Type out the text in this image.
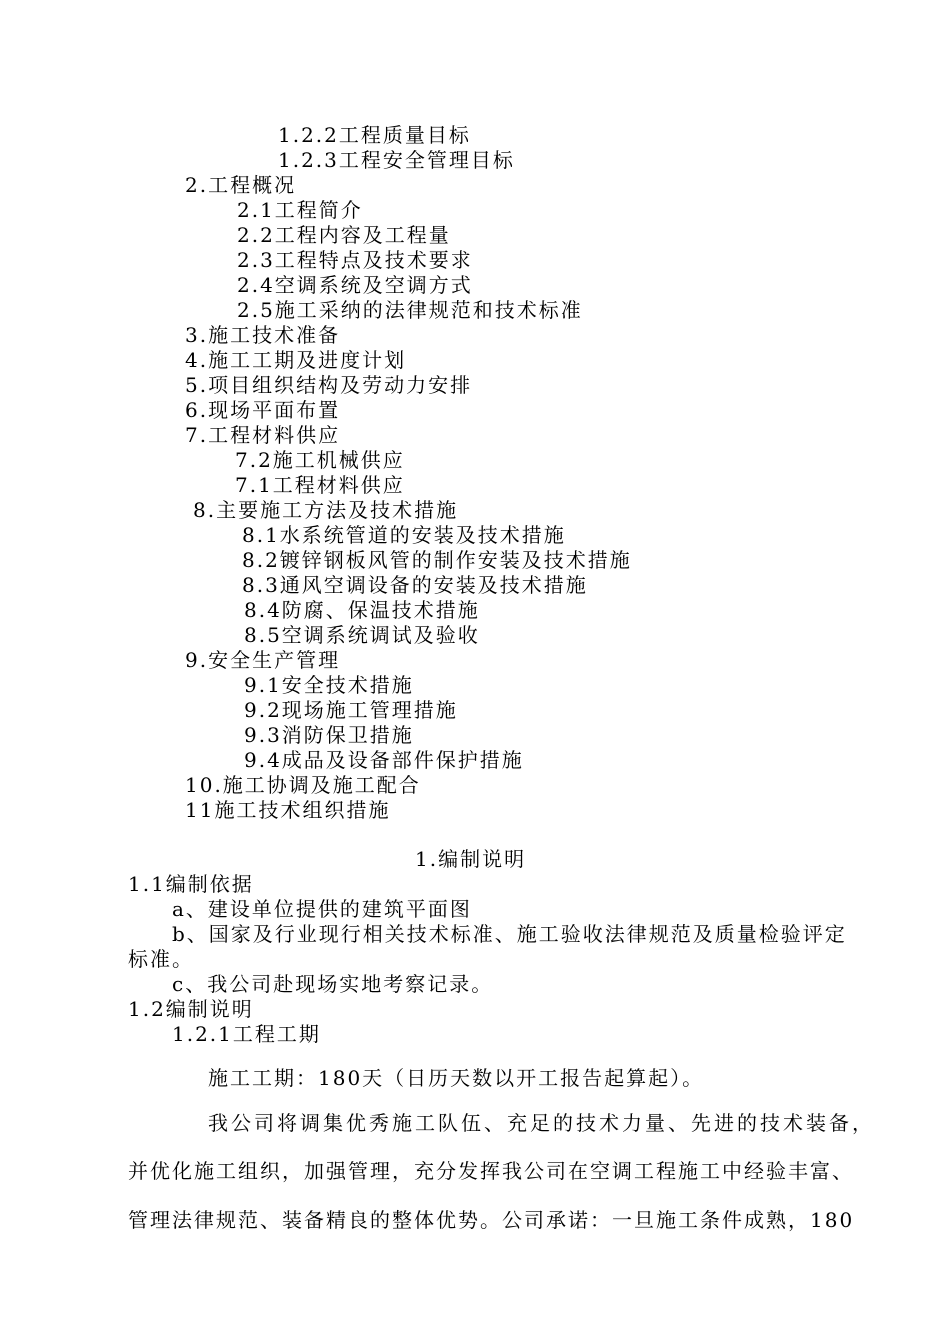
1.2.2工程质量目标
1.2.3工程安全管理目标
2.工程概况
2.1工程简介
2.2工程内容及工程量
2.3工程特点及技术要求
2.4空调系统及空调方式
2.5施工采纳的法律规范和技术标准
3.施工技术准备
4.施工工期及进度计划
5.项目组织结构及劳动力安排
6.现场平面布置
7.工程材料供应
7.2施工机械供应
7.1工程材料供应
8.主要施工方法及技术措施
8.1水系统管道的安装及技术措施
8.2镀锌钢板风管的制作安装及技术措施
8.3通风空调设备的安装及技术措施
8.4防腐、保温技术措施
8.5空调系统调试及验收
9.安全生产管理
9.1安全技术措施
9.2现场施工管理措施
9.3消防保卫措施
9.4成品及设备部件保护措施
10.施工协调及施工配合
11施工技术组织措施
1.编制说明
1.1编制依据
a、建设单位提供的建筑平面图
b、国家及行业现行相关技术标准、施工验收法律规范及质量检验评定
标准。
c、我公司赴现场实地考察记录。
1.2编制说明
1.2.1工程工期
施工工期：180天（日历天数以开工报告起算起）。
我公司将调集优秀施工队伍、充足的技术力量、先进的技术装备，
并优化施工组织，加强管理，充分发挥我公司在空调工程施工中经验丰富、
管理法律规范、装备精良的整体优势。公司承诺：一旦施工条件成熟，180
